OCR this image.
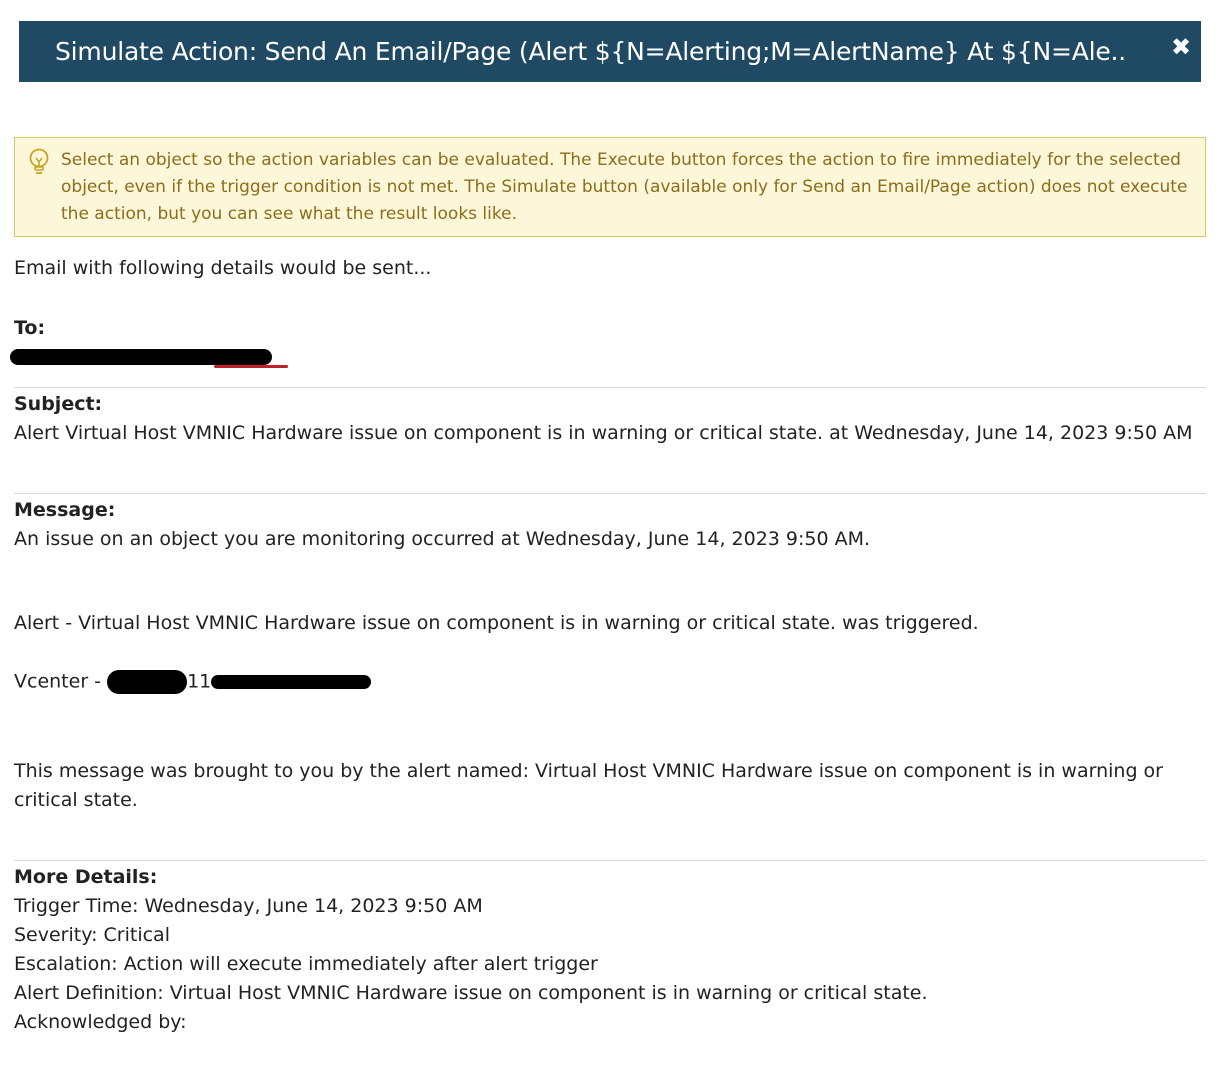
Simulate Action: Send An Email/Page (Alert ${N=Alerting;M=AlertName} At ${N=Ale..	✖
Select an object so the action variables can be evaluated. The Execute button forces the action to fire immediately for the selected object, even if the trigger condition is not met. The Simulate button (available only for Send an Email/Page action) does not execute the action, but you can see what the result looks like.
Email with following details would be sent...
To:
Subject:
Alert Virtual Host VMNIC Hardware issue on component is in warning or critical state. at Wednesday, June 14, 2023 9:50 AM
Message:
An issue on an object you are monitoring occurred at Wednesday, June 14, 2023 9:50 AM.
Alert - Virtual Host VMNIC Hardware issue on component is in warning or critical state. was triggered.
Vcenter -	11
This message was brought to you by the alert named: Virtual Host VMNIC Hardware issue on component is in warning or critical state.
More Details:
Trigger Time: Wednesday, June 14, 2023 9:50 AM
Severity: Critical
Escalation: Action will execute immediately after alert trigger
Alert Definition: Virtual Host VMNIC Hardware issue on component is in warning or critical state.
Acknowledged by:
